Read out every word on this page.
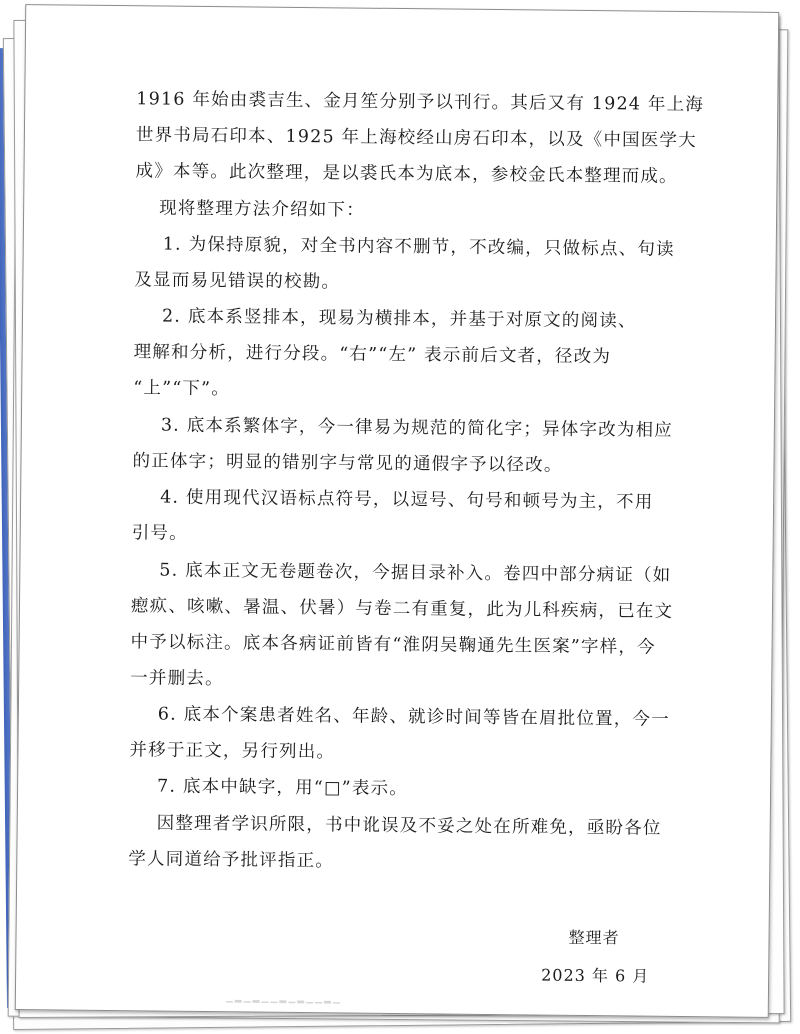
1916 年始由裘吉生、金月笙分别予以刊行。其后又有 1924 年上海
世界书局石印本、1925 年上海校经山房石印本，以及《中国医学大
成》本等。此次整理，是以裘氏本为底本，参校金氏本整理而成。
现将整理方法介绍如下：
1. 为保持原貌，对全书内容不删节，不改编，只做标点、句读
及显而易见错误的校勘。
2. 底本系竖排本，现易为横排本，并基于对原文的阅读、
理解和分析，进行分段。“右”“左” 表示前后文者，径改为
“上”“下”。
3. 底本系繁体字，今一律易为规范的简化字；异体字改为相应
的正体字；明显的错别字与常见的通假字予以径改。
4. 使用现代汉语标点符号，以逗号、句号和顿号为主，不用
引号。
5. 底本正文无卷题卷次，今据目录补入。卷四中部分病证（如
瘛疭、咳嗽、暑温、伏暑）与卷二有重复，此为儿科疾病，已在文
中予以标注。底本各病证前皆有“淮阴吴鞠通先生医案”字样，今
一并删去。
6. 底本个案患者姓名、年龄、就诊时间等皆在眉批位置，今一
并移于正文，另行列出。
7. 底本中缺字，用“□”表示。
因整理者学识所限，书中讹误及不妥之处在所难免，亟盼各位
学人同道给予批评指正。
整理者
2023 年 6 月
▁▂▁▂▁▁▂▁▂▁▁▂▁
